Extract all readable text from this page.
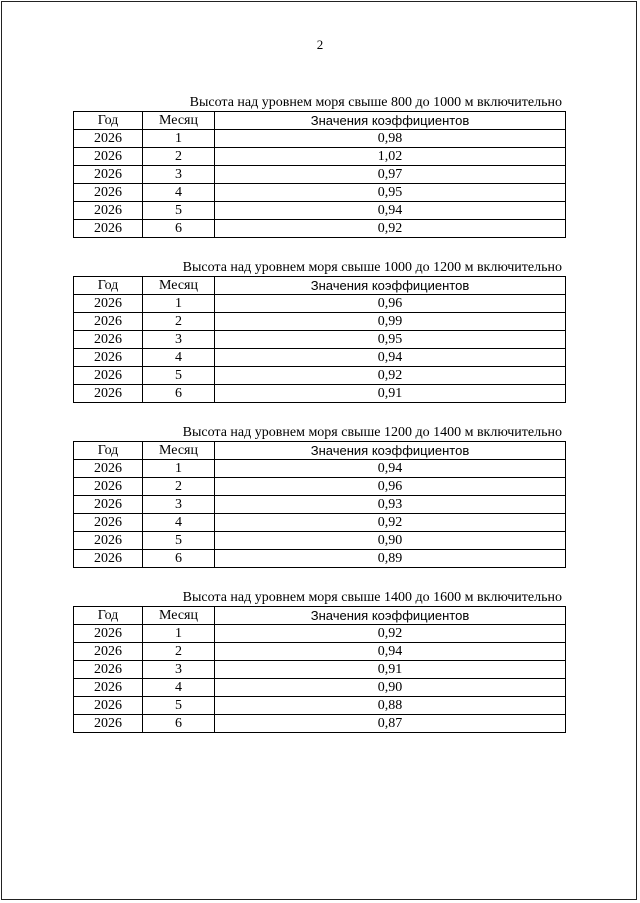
2
Высота над уровнем моря свыше 800 до 1000 м включительно
Год	Месяц	Значения коэффициентов
2026	1	0,98
2026	2	1,02
2026	3	0,97
2026	4	0,95
2026	5	0,94
2026	6	0,92
Высота над уровнем моря свыше 1000 до 1200 м включительно
Год	Месяц	Значения коэффициентов
2026	1	0,96
2026	2	0,99
2026	3	0,95
2026	4	0,94
2026	5	0,92
2026	6	0,91
Высота над уровнем моря свыше 1200 до 1400 м включительно
Год	Месяц	Значения коэффициентов
2026	1	0,94
2026	2	0,96
2026	3	0,93
2026	4	0,92
2026	5	0,90
2026	6	0,89
Высота над уровнем моря свыше 1400 до 1600 м включительно
Год	Месяц	Значения коэффициентов
2026	1	0,92
2026	2	0,94
2026	3	0,91
2026	4	0,90
2026	5	0,88
2026	6	0,87
